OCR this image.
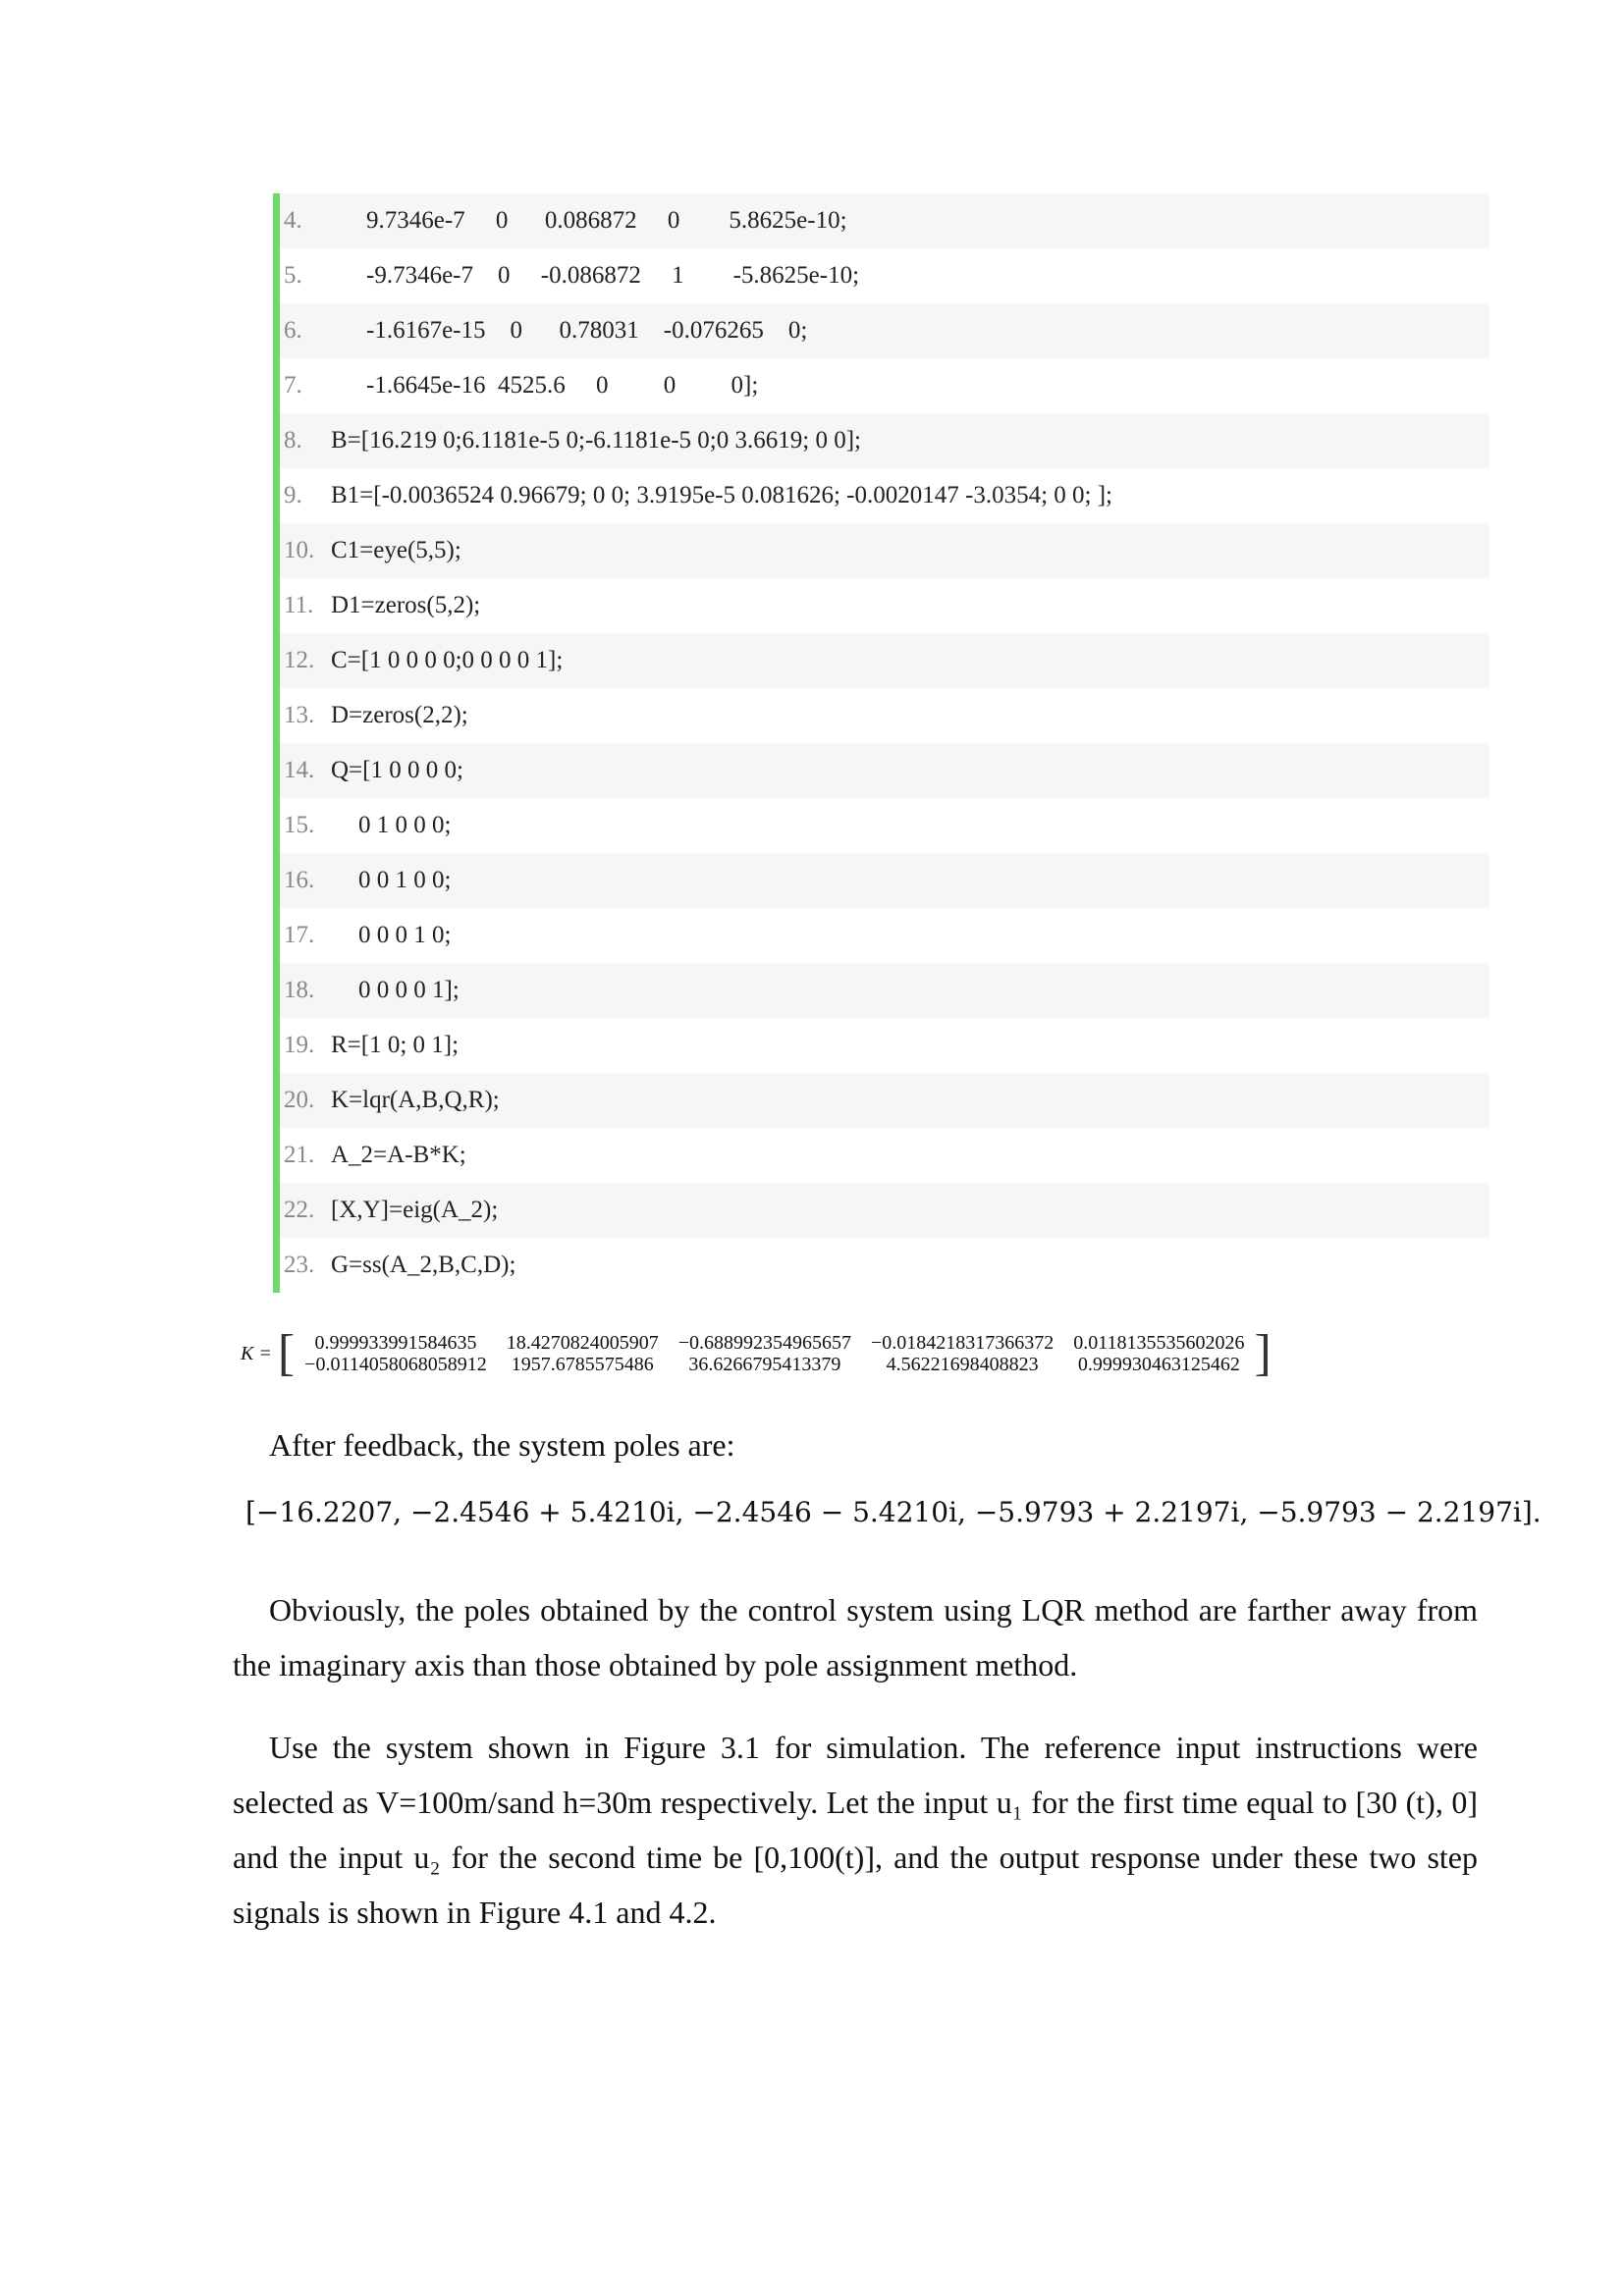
4.	9.7346e-7     0      0.086872     0        5.8625e-10;
5.	-9.7346e-7    0     -0.086872     1        -5.8625e-10;
6.	-1.6167e-15    0      0.78031    -0.076265    0;
7.	-1.6645e-16  4525.6     0         0         0];
8. B=[16.219 0;6.1181e-5 0;-6.1181e-5 0;0 3.6619; 0 0];
9. B1=[-0.0036524 0.96679; 0 0; 3.9195e-5 0.081626; -0.0020147 -3.0354; 0 0; ];
10. C1=eye(5,5);
11. D1=zeros(5,2);
12. C=[1 0 0 0 0;0 0 0 0 1];
13. D=zeros(2,2);
14. Q=[1 0 0 0 0;
15. 0 1 0 0 0;
16. 0 0 1 0 0;
17. 0 0 0 1 0;
18. 0 0 0 0 1];
19. R=[1 0; 0 1];
20. K=lqr(A,B,Q,R);
21. A_2=A-B*K;
22. [X,Y]=eig(A_2);
23. G=ss(A_2,B,C,D);
K = [ 0.999933991584635	18.4270824005907	−0.688992354965657	−0.0184218317366372	0.0118135535602026
−0.0114058068058912	1957.6785575486	36.6266795413379	4.56221698408823	0.999930463125462 ]
After feedback, the system poles are:
[−16.2207, −2.4546 + 5.4210i, −2.4546 − 5.4210i, −5.9793 + 2.2197i, −5.9793 − 2.2197i].
Obviously, the poles obtained by the control system using LQR method are farther away from the imaginary axis than those obtained by pole assignment method.
Use the system shown in Figure 3.1 for simulation. The reference input instructions were selected as V=100m/sand h=30m respectively. Let the input u₁ for the first time equal to [30 (t), 0] and the input u₂ for the second time be [0,100(t)], and the output response under these two step signals is shown in Figure 4.1 and 4.2.
